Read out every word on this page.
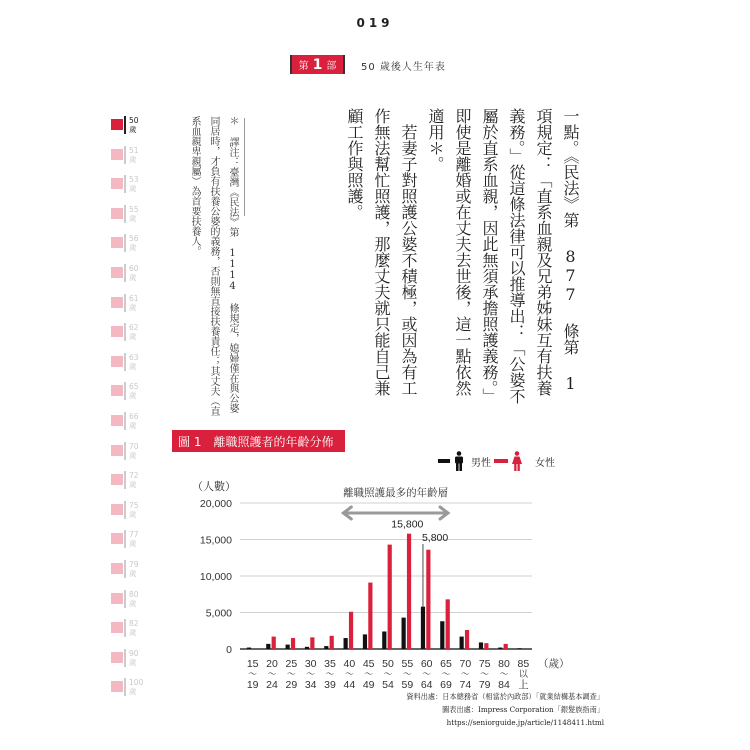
019
第 1 部 50 歲後人生年表
50
歲
51
歲
53
歲
55
歲
56
歲
60
歲
61
歲
62
歲
63
歲
65
歲
66
歲
70
歲
72
歲
75
歲
77
歲
79
歲
80
歲
82
歲
90
歲
100
歲

＊ 譯注：臺灣《民法》第 1114 條規定，媳婦僅在與公婆同居時，才負有扶養公婆的義務，否則無直接扶養責任；其丈夫（直系血親卑親屬）為首要扶養人。	一點。《民法》第 877 條第 1 項規定：「直系血親及兄弟姊妹互有扶養義務。」從這條法律可以推導出：「公婆不屬於直系血親，因此無須承擔照護義務。」即使是離婚或在丈夫去世後，這一點依然適用＊。

若妻子對照護公婆不積極，或因為有工作無法幫忙照護，那麼丈夫就只能自己兼顧工作與照護。

圖 1 離職照護者的年齡分佈
男性	女性
（人數）
0
5,000
10,000
15,000
20,000
15
～
19
20
～
24
25
～
29
30
～
34
35
～
39
40
～
44
45
～
49
50
～
54
55
～
59
60
～
64
65
～
69
70
～
74
75
～
79
80
～
84
85
以
上
（歲）
15,800
5,800
離職照護最多的年齡層
資料出處：日本總務省（相當於內政部）「就業結構基本調查」
圖表出處：Impress Corporation「銀髮族指南」
https://seniorguide.jp/article/1148411.html
